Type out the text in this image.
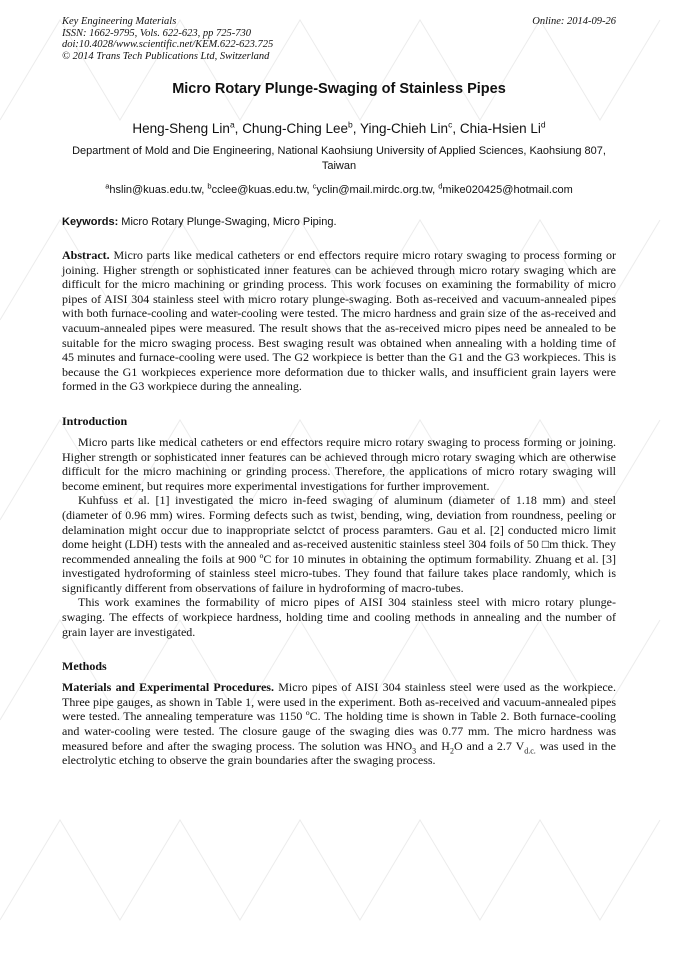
Key Engineering Materials
ISSN: 1662-9795, Vols. 622-623, pp 725-730
doi:10.4028/www.scientific.net/KEM.622-623.725
© 2014 Trans Tech Publications Ltd, Switzerland
Online: 2014-09-26
Micro Rotary Plunge-Swaging of Stainless Pipes
Heng-Sheng Lin$^a$, Chung-Ching Lee$^b$, Ying-Chieh Lin$^c$, Chia-Hsien Li$^d$
Department of Mold and Die Engineering, National Kaohsiung University of Applied Sciences, Kaohsiung 807, Taiwan
$^a$hslin@kuas.edu.tw, $^b$cclee@kuas.edu.tw, $^c$yclin@mail.mirdc.org.tw, $^d$mike020425@hotmail.com
Keywords: Micro Rotary Plunge-Swaging, Micro Piping.

Abstract. Micro parts like medical catheters or end effectors require micro rotary swaging to process forming or joining. Higher strength or sophisticated inner features can be achieved through micro rotary swaging which are difficult for the micro machining or grinding process. This work focuses on examining the formability of micro pipes of AISI 304 stainless steel with micro rotary plunge-swaging. Both as-received and vacuum-annealed pipes with both furnace-cooling and water-cooling were tested. The micro hardness and grain size of the as-received and vacuum-annealed pipes were measured. The result shows that the as-received micro pipes need be annealed to be suitable for the micro swaging process. Best swaging result was obtained when annealing with a holding time of 45 minutes and furnace-cooling were used. The G2 workpiece is better than the G1 and the G3 workpieces. This is because the G1 workpieces experience more deformation due to thicker walls, and insufficient grain layers were formed in the G3 workpiece during the annealing.

Introduction

Micro parts like medical catheters or end effectors require micro rotary swaging to process forming or joining. Higher strength or sophisticated inner features can be achieved through micro rotary swaging which are otherwise difficult for the micro machining or grinding process. Therefore, the applications of micro rotary swaging will become eminent, but requires more experimental investigations for further improvement.

Kuhfuss et al. [1] investigated the micro in-feed swaging of aluminum (diameter of 1.18 mm) and steel (diameter of 0.96 mm) wires. Forming defects such as twist, bending, wing, deviation from roundness, peeling or delamination might occur due to inappropriate selctct of process paramters. Gau et al. [2] conducted micro limit dome height (LDH) tests with the annealed and as-received austenitic stainless steel 304 foils of 50 □m thick. They recommended annealing the foils at 900 ºC for 10 minutes in obtaining the optimum formability. Zhuang et al. [3] investigated hydroforming of stainless steel micro-tubes. They found that failure takes place randomly, which is significantly different from observations of failure in hydroforming of macro-tubes.

This work examines the formability of micro pipes of AISI 304 stainless steel with micro rotary plunge-swaging. The effects of workpiece hardness, holding time and cooling methods in annealing and the number of grain layer are investigated.

Methods

Materials and Experimental Procedures. Micro pipes of AISI 304 stainless steel were used as the workpiece. Three pipe gauges, as shown in Table 1, were used in the experiment. Both as-received and vacuum-annealed pipes were tested. The annealing temperature was 1150 ºC. The holding time is shown in Table 2. Both furnace-cooling and water-cooling were tested. The closure gauge of the swaging dies was 0.77 mm. The micro hardness was measured before and after the swaging process. The solution was $HNO_3$ and $H_2O$ and a 2.7 $V_{d.c.}$ was used in the electrolytic etching to observe the grain boundaries after the swaging process.
